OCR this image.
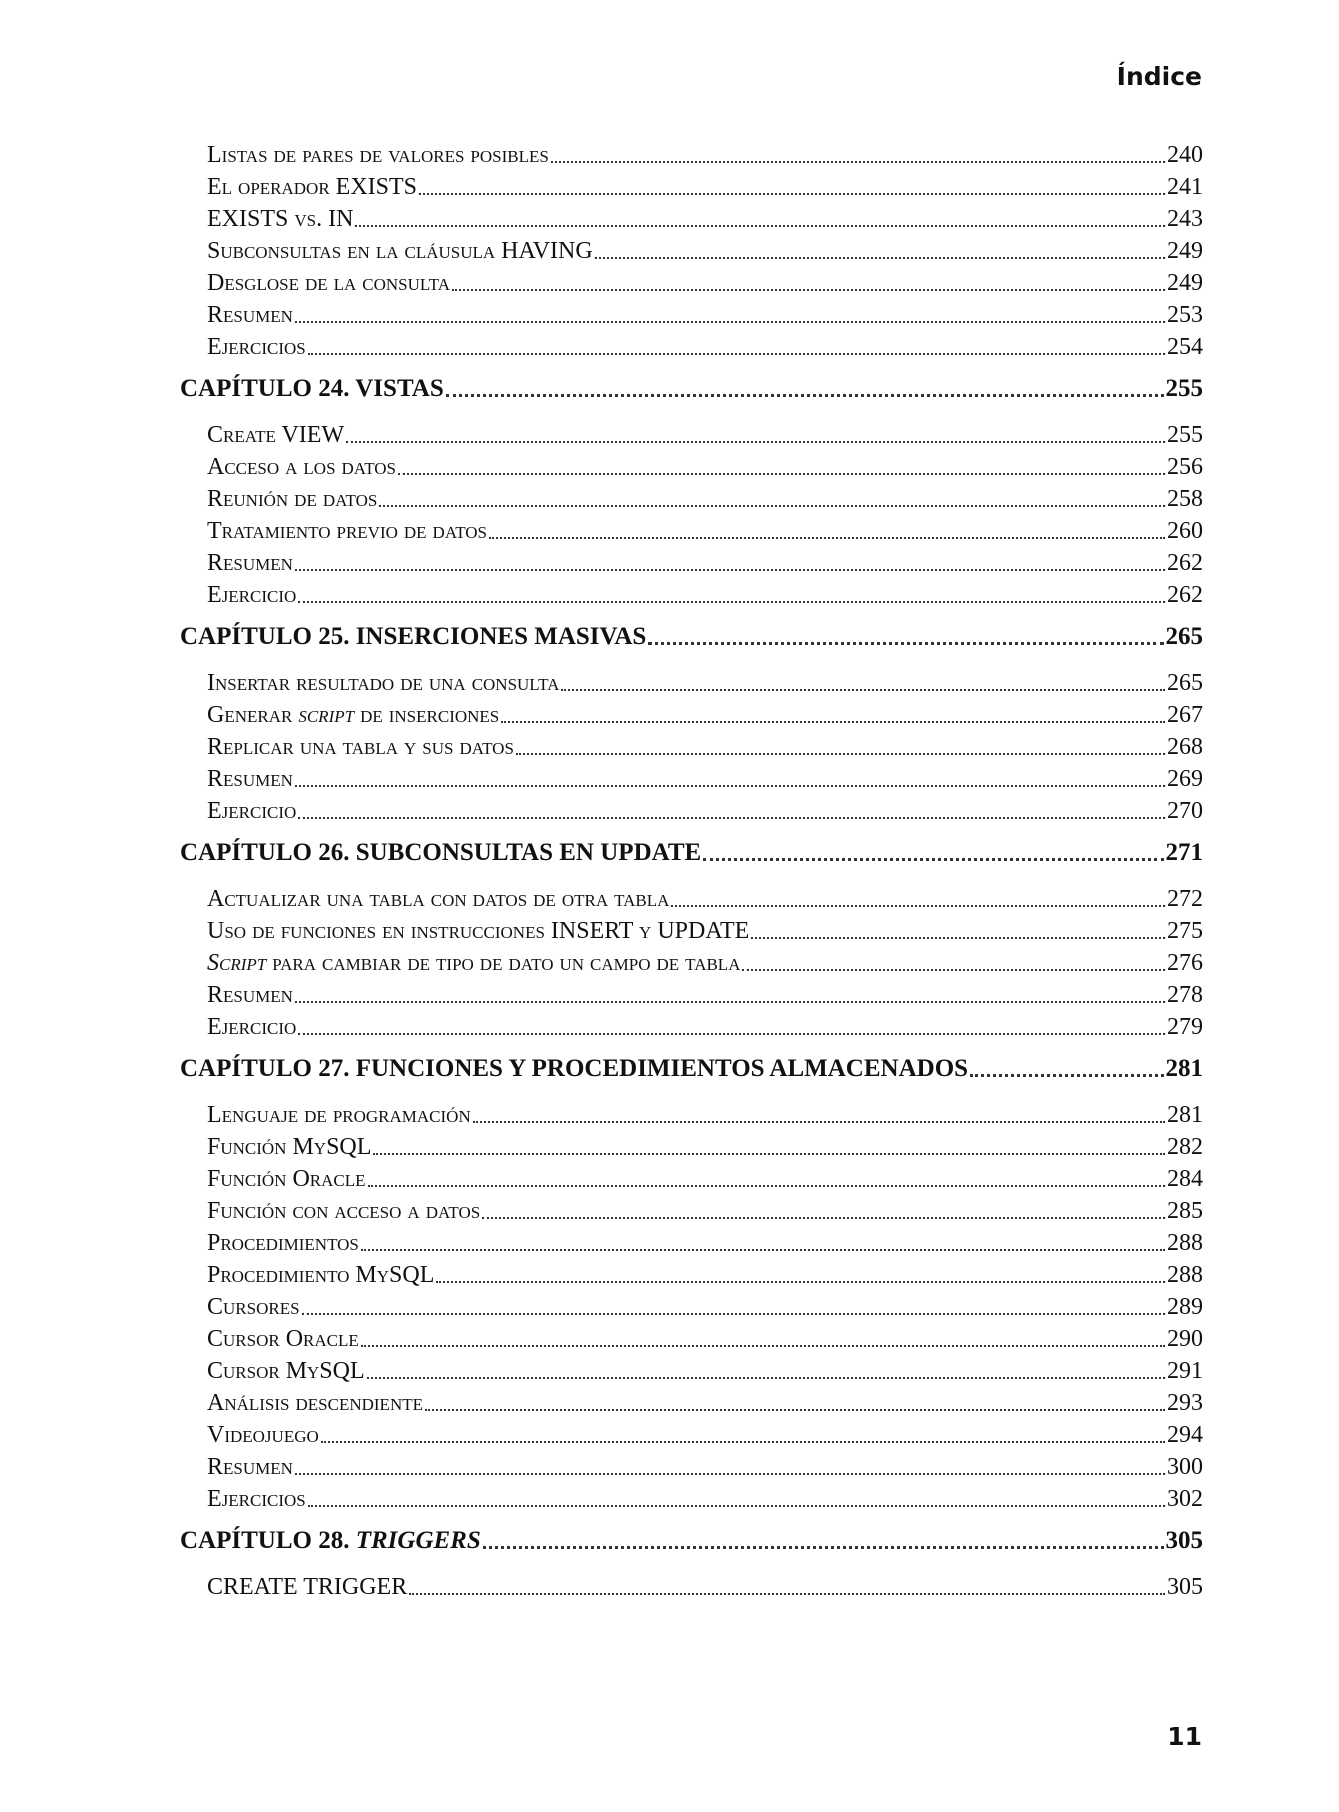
Índice
Listas de pares de valores posibles	240
El operador EXISTS	241
EXISTS vs. IN	243
Subconsultas en la cláusula HAVING	249
Desglose de la consulta	249
Resumen	253
Ejercicios	254
CAPÍTULO 24. VISTAS	255
Create VIEW	255
Acceso a los datos	256
Reunión de datos	258
Tratamiento previo de datos	260
Resumen	262
Ejercicio	262
CAPÍTULO 25. INSERCIONES MASIVAS	265
Insertar resultado de una consulta	265
Generar script de inserciones	267
Replicar una tabla y sus datos	268
Resumen	269
Ejercicio	270
CAPÍTULO 26. SUBCONSULTAS EN UPDATE	271
Actualizar una tabla con datos de otra tabla	272
Uso de funciones en instrucciones INSERT y UPDATE	275
Script para cambiar de tipo de dato un campo de tabla	276
Resumen	278
Ejercicio	279
CAPÍTULO 27. FUNCIONES Y PROCEDIMIENTOS ALMACENADOS	281
Lenguaje de programación	281
Función MySQL	282
Función Oracle	284
Función con acceso a datos	285
Procedimientos	288
Procedimiento MySQL	288
Cursores	289
Cursor Oracle	290
Cursor MySQL	291
Análisis descendiente	293
Videojuego	294
Resumen	300
Ejercicios	302
CAPÍTULO 28. TRIGGERS	305
CREATE TRIGGER	305
11
